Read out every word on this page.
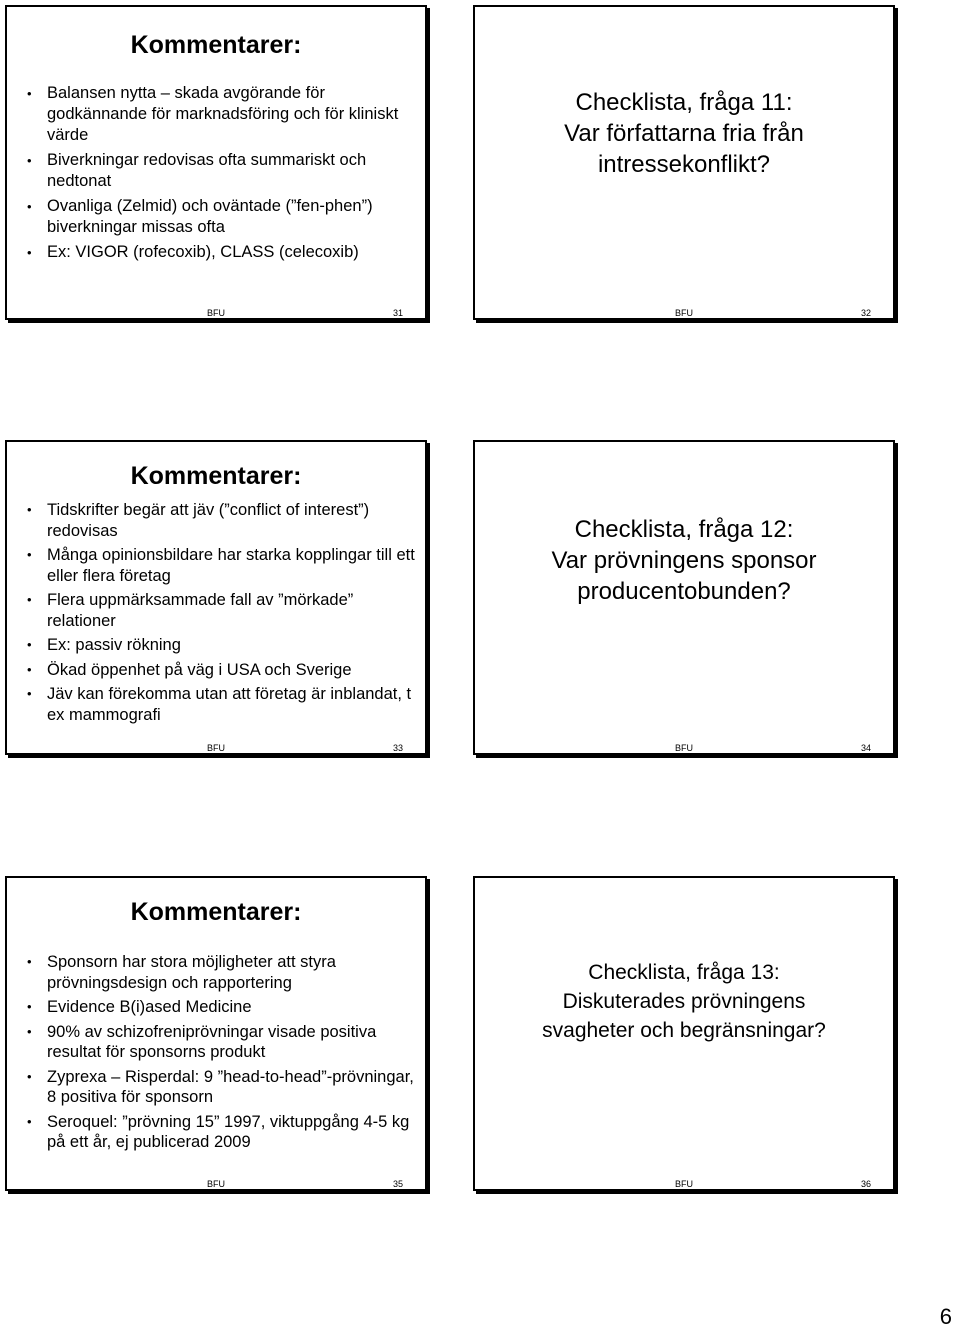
Kommentarer:
• Balansen nytta – skada avgörande för godkännande för marknadsföring och för kliniskt värde
• Biverkningar redovisas ofta summariskt och nedtonat
• Ovanliga (Zelmid) och oväntade (”fen-phen”) biverkningar missas ofta
• Ex: VIGOR (rofecoxib), CLASS (celecoxib)
BFU	31
Checklista, fråga 11:
Var författarna fria från
intressekonflikt?
BFU	32
Kommentarer:
• Tidskrifter begär att jäv (”conflict of interest”) redovisas
• Många opinionsbildare har starka kopplingar till ett eller flera företag
• Flera uppmärksammade fall av ”mörkade” relationer
• Ex: passiv rökning
• Ökad öppenhet på väg i USA och Sverige
• Jäv kan förekomma utan att företag är inblandat, t ex mammografi
BFU	33
Checklista, fråga 12:
Var prövningens sponsor
producentobunden?
BFU	34
Kommentarer:
• Sponsorn har stora möjligheter att styra prövningsdesign och rapportering
• Evidence B(i)ased Medicine
• 90% av schizofreniprövningar visade positiva resultat för sponsorns produkt
• Zyprexa – Risperdal: 9 ”head-to-head”-prövningar, 8 positiva för sponsorn
• Seroquel: ”prövning 15” 1997, viktuppgång 4-5 kg på ett år, ej publicerad 2009
BFU	35
Checklista, fråga 13:
Diskuterades prövningens
svagheter och begränsningar?
BFU	36
6
